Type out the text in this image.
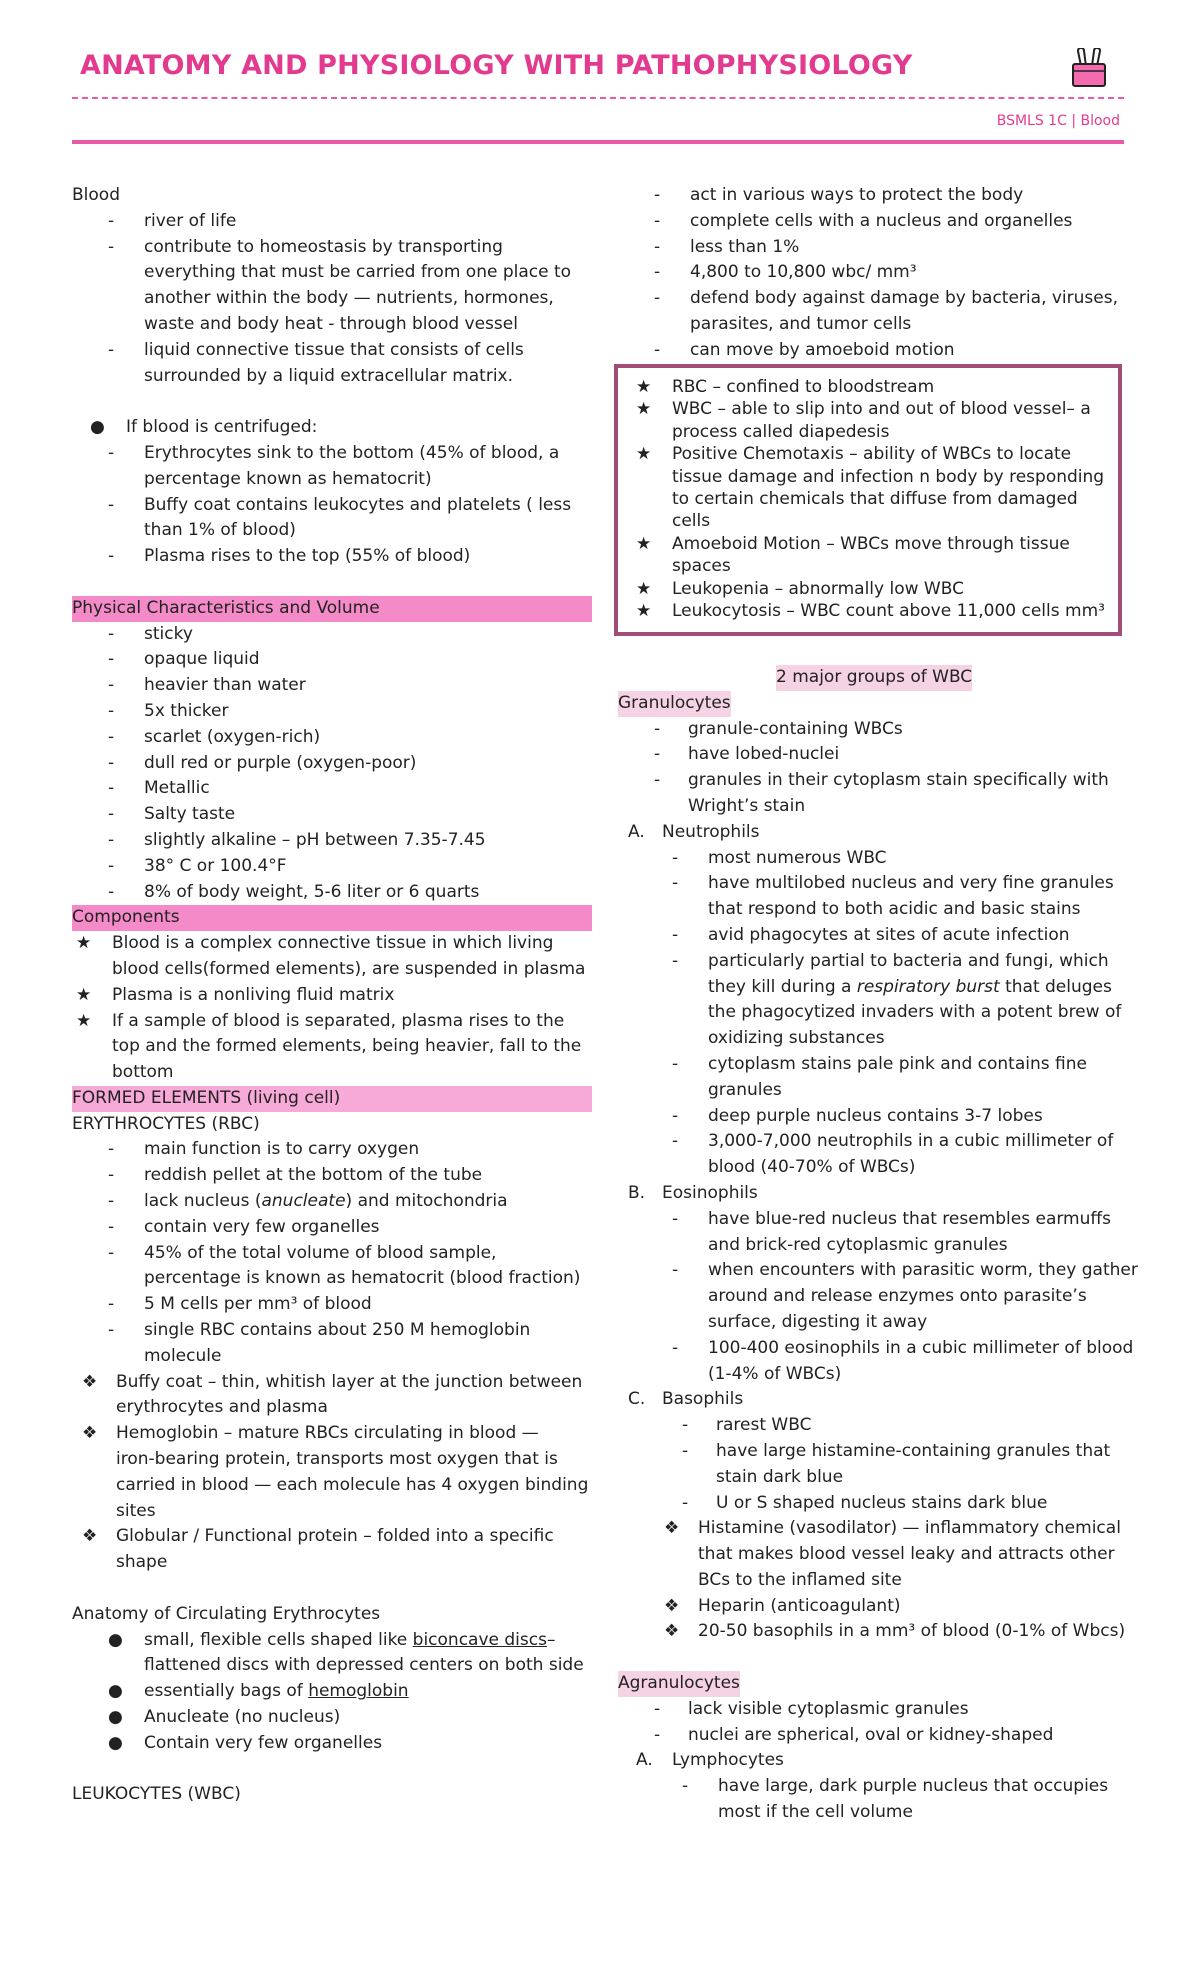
ANATOMY AND PHYSIOLOGY WITH PATHOPHYSIOLOGY
BSMLS 1C | Blood
Blood
- river of life
- contribute to homeostasis by transporting
everything that must be carried from one place to
another within the body — nutrients, hormones,
waste and body heat - through blood vessel
- liquid connective tissue that consists of cells
surrounded by a liquid extracellular matrix.
● If blood is centrifuged:
- Erythrocytes sink to the bottom (45% of blood, a
percentage known as hematocrit)
- Buffy coat contains leukocytes and platelets ( less
than 1% of blood)
- Plasma rises to the top (55% of blood)
Physical Characteristics and Volume
- sticky
- opaque liquid
- heavier than water
- 5x thicker
- scarlet (oxygen-rich)
- dull red or purple (oxygen-poor)
- Metallic
- Salty taste
- slightly alkaline – pH between 7.35-7.45
- 38° C or 100.4°F
- 8% of body weight, 5-6 liter or 6 quarts
Components
★ Blood is a complex connective tissue in which living
blood cells(formed elements), are suspended in plasma
★ Plasma is a nonliving fluid matrix
★ If a sample of blood is separated, plasma rises to the
top and the formed elements, being heavier, fall to the
bottom
FORMED ELEMENTS (living cell)
ERYTHROCYTES (RBC)
- main function is to carry oxygen
- reddish pellet at the bottom of the tube
- lack nucleus (anucleate) and mitochondria
- contain very few organelles
- 45% of the total volume of blood sample,
percentage is known as hematocrit (blood fraction)
- 5 M cells per mm³ of blood
- single RBC contains about 250 M hemoglobin
molecule
❖ Buffy coat – thin, whitish layer at the junction between
erythrocytes and plasma
❖ Hemoglobin – mature RBCs circulating in blood —
iron-bearing protein, transports most oxygen that is
carried in blood — each molecule has 4 oxygen binding
sites
❖ Globular / Functional protein – folded into a specific
shape
Anatomy of Circulating Erythrocytes
● small, flexible cells shaped like biconcave discs–
flattened discs with depressed centers on both side
● essentially bags of hemoglobin
● Anucleate (no nucleus)
● Contain very few organelles
LEUKOCYTES (WBC)
- act in various ways to protect the body
- complete cells with a nucleus and organelles
- less than 1%
- 4,800 to 10,800 wbc/ mm³
- defend body against damage by bacteria, viruses,
parasites, and tumor cells
- can move by amoeboid motion
★ RBC – confined to bloodstream
★ WBC – able to slip into and out of blood vessel– a
process called diapedesis
★ Positive Chemotaxis – ability of WBCs to locate
tissue damage and infection n body by responding
to certain chemicals that diffuse from damaged
cells
★ Amoeboid Motion – WBCs move through tissue
spaces
★ Leukopenia – abnormally low WBC
★ Leukocytosis – WBC count above 11,000 cells mm³
2 major groups of WBC
Granulocytes
- granule-containing WBCs
- have lobed-nuclei
- granules in their cytoplasm stain specifically with
Wright’s stain
A. Neutrophils
- most numerous WBC
- have multilobed nucleus and very fine granules
that respond to both acidic and basic stains
- avid phagocytes at sites of acute infection
- particularly partial to bacteria and fungi, which
they kill during a respiratory burst that deluges
the phagocytized invaders with a potent brew of
oxidizing substances
- cytoplasm stains pale pink and contains fine
granules
- deep purple nucleus contains 3-7 lobes
- 3,000-7,000 neutrophils in a cubic millimeter of
blood (40-70% of WBCs)
B. Eosinophils
- have blue-red nucleus that resembles earmuffs
and brick-red cytoplasmic granules
- when encounters with parasitic worm, they gather
around and release enzymes onto parasite’s
surface, digesting it away
- 100-400 eosinophils in a cubic millimeter of blood
(1-4% of WBCs)
C. Basophils
- rarest WBC
- have large histamine-containing granules that
stain dark blue
- U or S shaped nucleus stains dark blue
❖ Histamine (vasodilator) — inflammatory chemical
that makes blood vessel leaky and attracts other
BCs to the inflamed site
❖ Heparin (anticoagulant)
❖ 20-50 basophils in a mm³ of blood (0-1% of Wbcs)
Agranulocytes
- lack visible cytoplasmic granules
- nuclei are spherical, oval or kidney-shaped
A. Lymphocytes
- have large, dark purple nucleus that occupies
most if the cell volume
